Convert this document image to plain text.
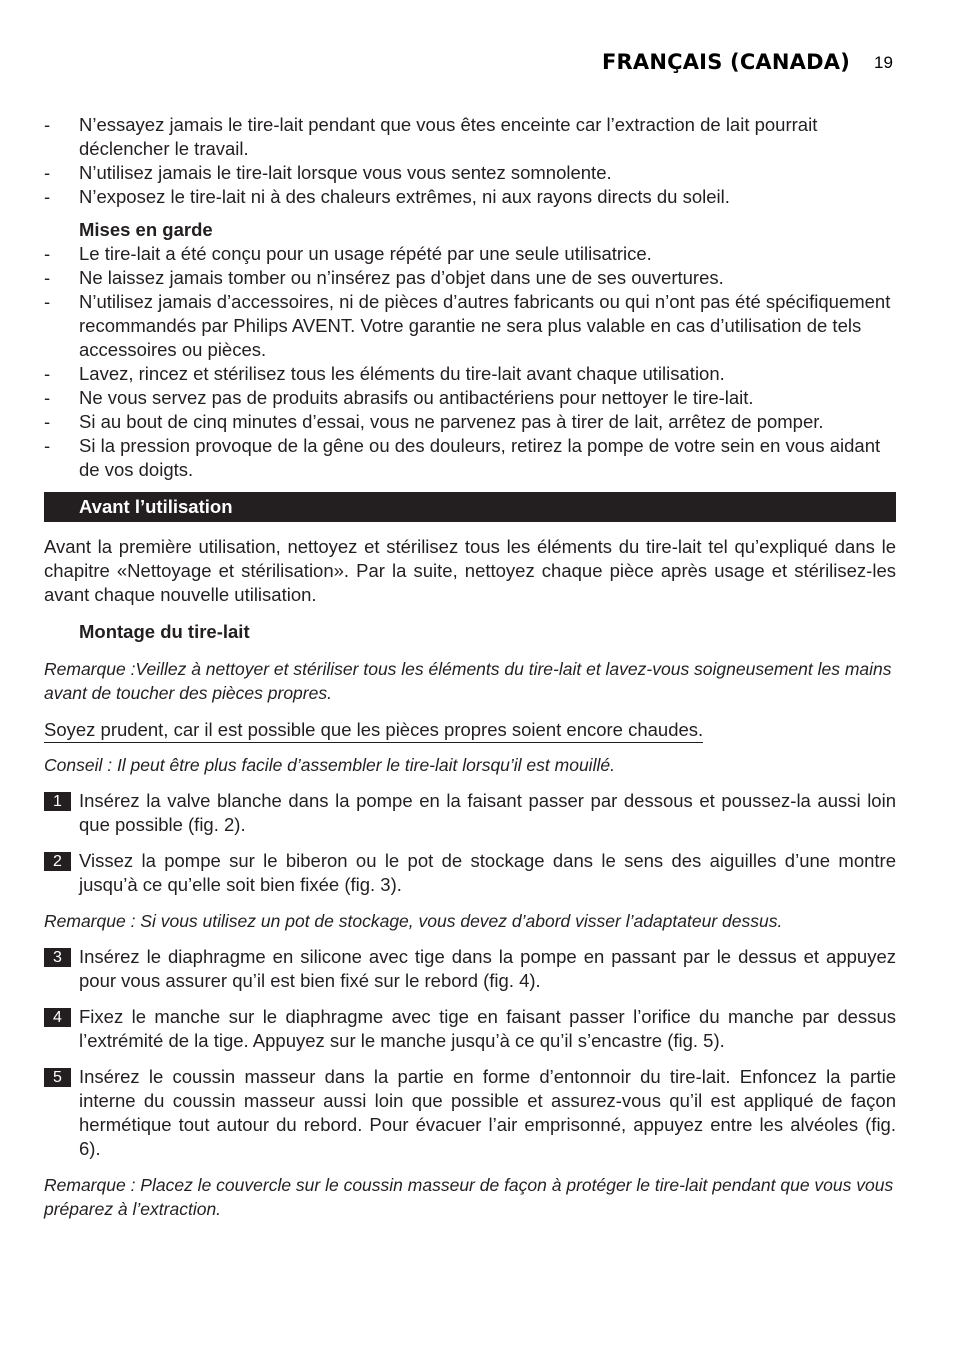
FRANÇAIS (CANADA) 19
- N’essayez jamais le tire-lait pendant que vous êtes enceinte car l’extraction de lait pourrait déclencher le travail.
- N’utilisez jamais le tire-lait lorsque vous vous sentez somnolente.
- N’exposez le tire-lait ni à des chaleurs extrêmes, ni aux rayons directs du soleil.
Mises en garde
- Le tire-lait a été conçu pour un usage répété par une seule utilisatrice.
- Ne laissez jamais tomber ou n’insérez pas d’objet dans une de ses ouvertures.
- N’utilisez jamais d’accessoires, ni de pièces d’autres fabricants ou qui n’ont pas été spécifiquement recommandés par Philips AVENT. Votre garantie ne sera plus valable en cas d’utilisation de tels accessoires ou pièces.
- Lavez, rincez et stérilisez tous les éléments du tire-lait avant chaque utilisation.
- Ne vous servez pas de produits abrasifs ou antibactériens pour nettoyer le tire-lait.
- Si au bout de cinq minutes d’essai, vous ne parvenez pas à tirer de lait, arrêtez de pomper.
- Si la pression provoque de la gêne ou des douleurs, retirez la pompe de votre sein en vous aidant de vos doigts.
Avant l’utilisation

Avant la première utilisation, nettoyez et stérilisez tous les éléments du tire-lait tel qu’expliqué dans le chapitre «Nettoyage et stérilisation». Par la suite, nettoyez chaque pièce après usage et stérilisez-les avant chaque nouvelle utilisation.

Montage du tire-lait

Remarque :Veillez à nettoyer et stériliser tous les éléments du tire-lait et lavez-vous soigneusement les mains avant de toucher des pièces propres.

Soyez prudent, car il est possible que les pièces propres soient encore chaudes.

Conseil : Il peut être plus facile d’assembler le tire-lait lorsqu’il est mouillé.

1 Insérez la valve blanche dans la pompe en la faisant passer par dessous et poussez-la aussi loin que possible (fig. 2).
2 Vissez la pompe sur le biberon ou le pot de stockage dans le sens des aiguilles d’une montre jusqu’à ce qu’elle soit bien fixée (fig. 3).

Remarque : Si vous utilisez un pot de stockage, vous devez d’abord visser l’adaptateur dessus.

3 Insérez le diaphragme en silicone avec tige dans la pompe en passant par le dessus et appuyez pour vous assurer qu’il est bien fixé sur le rebord (fig. 4).
4 Fixez le manche sur le diaphragme avec tige en faisant passer l’orifice du manche par dessus l’extrémité de la tige. Appuyez sur le manche jusqu’à ce qu’il s’encastre (fig. 5).
5 Insérez le coussin masseur dans la partie en forme d’entonnoir du tire-lait. Enfoncez la partie interne du coussin masseur aussi loin que possible et assurez-vous qu’il est appliqué de façon hermétique tout autour du rebord. Pour évacuer l’air emprisonné, appuyez entre les alvéoles (fig. 6).

Remarque : Placez le couvercle sur le coussin masseur de façon à protéger le tire-lait pendant que vous vous préparez à l’extraction.
